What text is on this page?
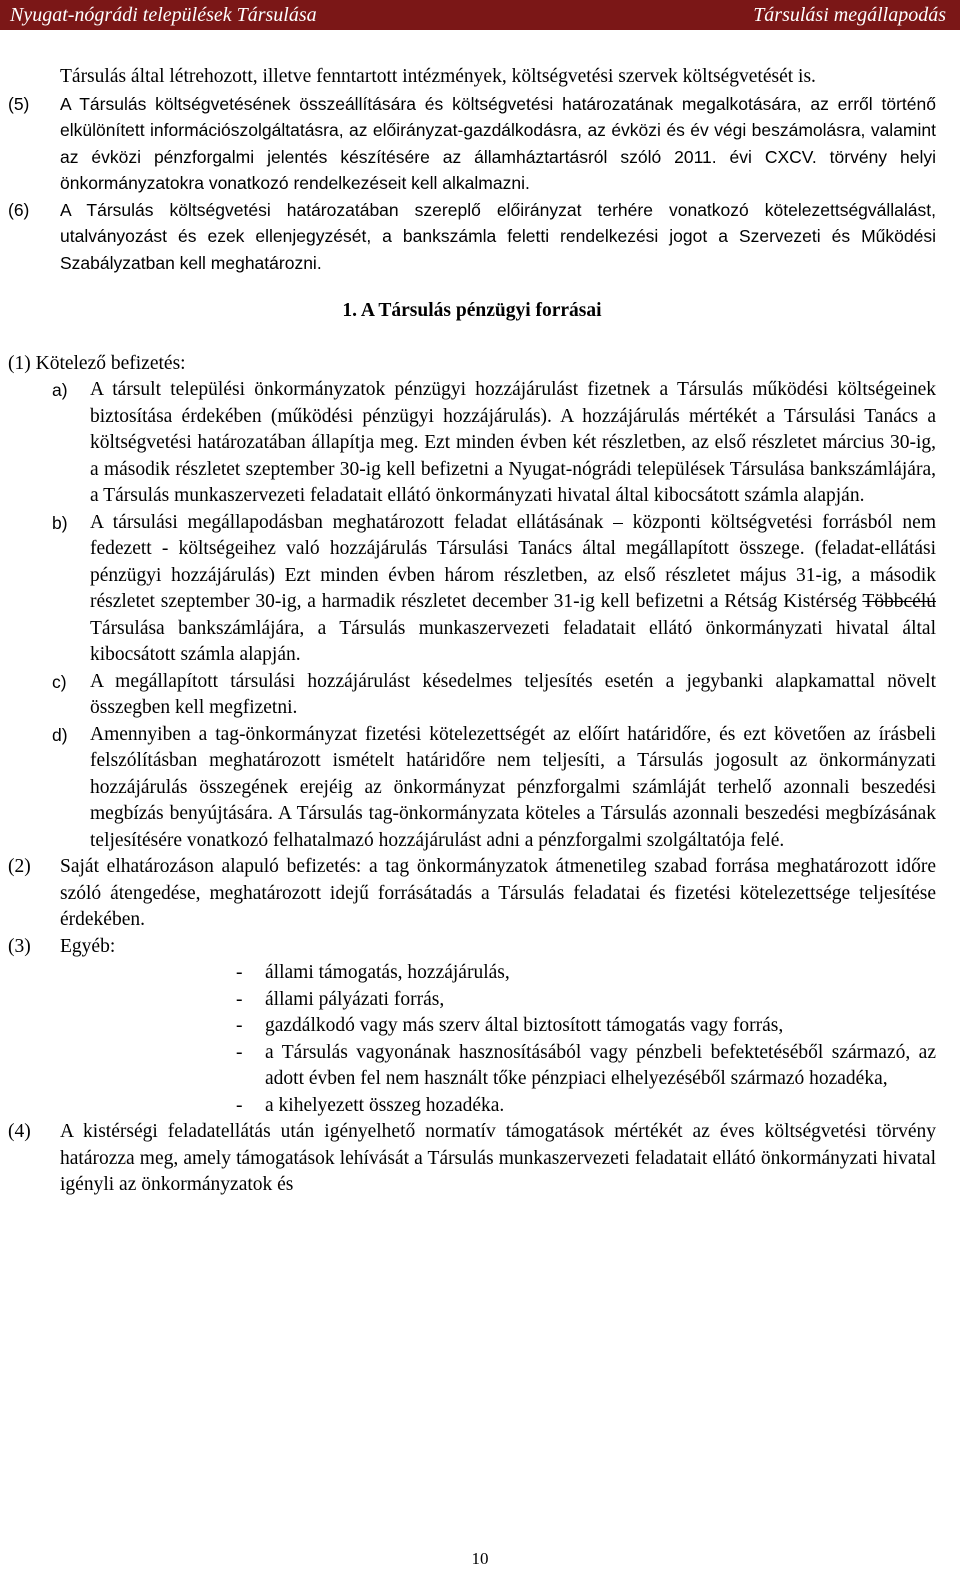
Nyugat-nógrádi települések Társulása	Társulási megállapodás

Társulás által létrehozott, illetve fenntartott intézmények, költségvetési szervek költségvetését is.

(5) A Társulás költségvetésének összeállítására és költségvetési határozatának megalkotására, az erről történő elkülönített információszolgáltatásra, az előirányzat-gazdálkodásra, az évközi és év végi beszámolásra, valamint az évközi pénzforgalmi jelentés készítésére az államháztartásról szóló 2011. évi CXCV. törvény helyi önkormányzatokra vonatkozó rendelkezéseit kell alkalmazni.
(6) A Társulás költségvetési határozatában szereplő előirányzat terhére vonatkozó kötelezettségvállalást, utalványozást és ezek ellenjegyzését, a bankszámla feletti rendelkezési jogot a Szervezeti és Működési Szabályzatban kell meghatározni.
1. A Társulás pénzügyi forrásai
(1) Kötelező befizetés:
a) A társult települési önkormányzatok pénzügyi hozzájárulást fizetnek a Társulás működési költségeinek biztosítása érdekében (működési pénzügyi hozzájárulás). A hozzájárulás mértékét a Társulási Tanács a költségvetési határozatában állapítja meg. Ezt minden évben két részletben, az első részletet március 30-ig, a második részletet szeptember 30-ig kell befizetni a Nyugat-nógrádi települések Társulása bankszámlájára, a Társulás munkaszervezeti feladatait ellátó önkormányzati hivatal által kibocsátott számla alapján.
b) A társulási megállapodásban meghatározott feladat ellátásának – központi költségvetési forrásból nem fedezett - költségeihez való hozzájárulás Társulási Tanács által megállapított összege. (feladat-ellátási pénzügyi hozzájárulás) Ezt minden évben három részletben, az első részletet május 31-ig, a második részletet szeptember 30-ig, a harmadik részletet december 31-ig kell befizetni a Rétság Kistérség Többcélú Társulása bankszámlájára, a Társulás munkaszervezeti feladatait ellátó önkormányzati hivatal által kibocsátott számla alapján.
c) A megállapított társulási hozzájárulást késedelmes teljesítés esetén a jegybanki alapkamattal növelt összegben kell megfizetni.
d) Amennyiben a tag-önkormányzat fizetési kötelezettségét az előírt határidőre, és ezt követően az írásbeli felszólításban meghatározott ismételt határidőre nem teljesíti, a Társulás jogosult az önkormányzati hozzájárulás összegének erejéig az önkormányzat pénzforgalmi számláját terhelő azonnali beszedési megbízás benyújtására. A Társulás tag-önkormányzata köteles a Társulás azonnali beszedési megbízásának teljesítésére vonatkozó felhatalmazó hozzájárulást adni a pénzforgalmi szolgáltatója felé.
(2) Saját elhatározáson alapuló befizetés: a tag önkormányzatok átmenetileg szabad forrása meghatározott időre szóló átengedése, meghatározott idejű forrásátadás a Társulás feladatai és fizetési kötelezettsége teljesítése érdekében.
(3) Egyéb:
- állami támogatás, hozzájárulás,
- állami pályázati forrás,
- gazdálkodó vagy más szerv által biztosított támogatás vagy forrás,
- a Társulás vagyonának hasznosításából vagy pénzbeli befektetéséből származó, az adott évben fel nem használt tőke pénzpiaci elhelyezéséből származó hozadéka,
- a kihelyezett összeg hozadéka.
(4) A kistérségi feladatellátás után igényelhető normatív támogatások mértékét az éves költségvetési törvény határozza meg, amely támogatások lehívását a Társulás munkaszervezeti feladatait ellátó önkormányzati hivatal igényli az önkormányzatok és
10
